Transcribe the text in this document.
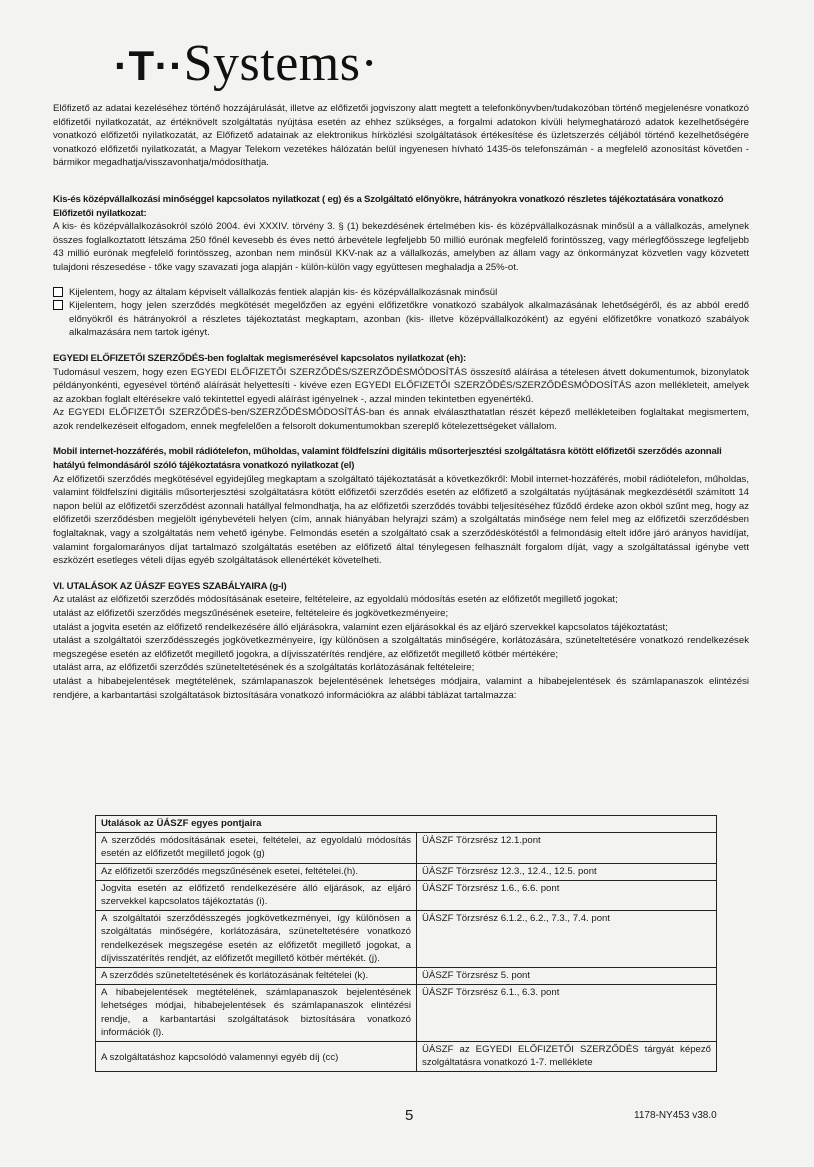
·T··Systems·

Előfizető az adatai kezeléséhez történő hozzájárulását, illetve az előfizetői jogviszony alatt megtett a telefonkönyvben/tudakozóban történő megjelenésre vonatkozó előfizetői nyilatkozatát, az értéknövelt szolgáltatás nyújtása esetén az ehhez szükséges, a forgalmi adatokon kívüli helymeghatározó adatok kezelhetőségére vonatkozó előfizetői nyilatkozatát, az Előfizető adatainak az elektronikus hírközlési szolgáltatások értékesítése és üzletszerzés céljából történő kezelhetőségére vonatkozó előfizetői nyilatkozatát, a Magyar Telekom vezetékes hálózatán belül ingyenesen hívható 1435-ös telefonszámán - a megfelelő azonosítást követően - bármikor megadhatja/visszavonhatja/módosíthatja.

Kis-és középvállalkozási minőséggel kapcsolatos nyilatkozat ( eg) és a Szolgáltató előnyökre, hátrányokra vonatkozó részletes tájékoztatására vonatkozó Előfizetői nyilatkozat:

A kis- és középvállalkozásokról szóló 2004. évi XXXIV. törvény 3. § (1) bekezdésének értelmében kis- és középvállalkozásnak minősül a a vállalkozás, amelynek összes foglalkoztatott létszáma 250 főnél kevesebb és éves nettó árbevétele legfeljebb 50 millió eurónak megfelelő forintösszeg, vagy mérlegfőösszege legfeljebb 43 millió eurónak megfelelő forintösszeg, azonban nem minősül KKV-nak az a vállalkozás, amelyben az állam vagy az önkormányzat közvetlen vagy közvetett tulajdoni részesedése - tőke vagy szavazati joga alapján - külön-külön vagy együttesen meghaladja a 25%-ot.

Kijelentem, hogy az általam képviselt vállalkozás fentiek alapján kis- és középvállalkozásnak minősül

Kijelentem, hogy jelen szerződés megkötését megelőzően az egyéni előfizetőkre vonatkozó szabályok alkalmazásának lehetőségéről, és az abból eredő előnyökről és hátrányokról a részletes tájékoztatást megkaptam, azonban (kis- illetve középvállalkozóként) az egyéni előfizetőkre vonatkozó szabályok alkalmazására nem tartok igényt.

EGYEDI ELŐFIZETŐI SZERZŐDÉS-ben foglaltak megismerésével kapcsolatos nyilatkozat (eh):

Tudomásul veszem, hogy ezen EGYEDI ELŐFIZETŐI SZERZŐDÉS/SZERZŐDÉSMÓDOSÍTÁS összesítő aláírása a tételesen átvett dokumentumok, bizonylatok példányonkénti, egyesével történő aláírását helyettesíti - kivéve ezen EGYEDI ELŐFIZETŐI SZERZŐDÉS/SZERZŐDÉSMÓDOSÍTÁS azon mellékleteit, amelyek az azokban foglalt eltérésekre való tekintettel egyedi aláírást igényelnek -, azzal minden tekintetben egyenértékű.

Az EGYEDI ELŐFIZETŐI SZERZŐDÉS-ben/SZERZŐDÉSMÓDOSÍTÁS-ban és annak elválaszthatatlan részét képező mellékleteiben foglaltakat megismertem, azok rendelkezéseit elfogadom, ennek megfelelően a felsorolt dokumentumokban szereplő kötelezettségeket vállalom.

Mobil internet-hozzáférés, mobil rádiótelefon, műholdas, valamint földfelszíni digitális műsorterjesztési szolgáltatásra kötött előfizetői szerződés azonnali hatályú felmondásáról szóló tájékoztatásra vonatkozó nyilatkozat (el)

Az előfizetői szerződés megkötésével egyidejűleg megkaptam a szolgáltató tájékoztatását a következőkről: Mobil internet-hozzáférés, mobil rádiótelefon, műholdas, valamint földfelszíni digitális műsorterjesztési szolgáltatásra kötött előfizetői szerződés esetén az előfizető a szolgáltatás nyújtásának megkezdésétől számított 14 napon belül az előfizetői szerződést azonnali hatállyal felmondhatja, ha az előfizetői szerződés további teljesítéséhez fűződő érdeke azon okból szűnt meg, hogy az előfizetői szerződésben megjelölt igénybevételi helyen (cím, annak hiányában helyrajzi szám) a szolgáltatás minősége nem felel meg az előfizetői szerződésben foglaltaknak, vagy a szolgáltatás nem vehető igénybe. Felmondás esetén a szolgáltató csak a szerződéskötéstől a felmondásig eltelt időre járó arányos havidíjat, valamint forgalomarányos díjat tartalmazó szolgáltatás esetében az előfizető által ténylegesen felhasznált forgalom díját, vagy a szolgáltatással igénybe vett eszközért esetleges vételi díjas egyéb szolgáltatások ellenértékét követelheti.

VI. UTALÁSOK AZ ÜÁSZF EGYES SZABÁLYAIRA (g-l)

Az utalást az előfizetői szerződés módosításának eseteire, feltételeire, az egyoldalú módosítás esetén az előfizetőt megillető jogokat;

utalást az előfizetői szerződés megszűnésének eseteire, feltételeire és jogkövetkezményeire;

utalást a jogvita esetén az előfizető rendelkezésére álló eljárásokra, valamint ezen eljárásokkal és az eljáró szervekkel kapcsolatos tájékoztatást;

utalást a szolgáltatói szerződésszegés jogkövetkezményeire, így különösen a szolgáltatás minőségére, korlátozására, szüneteltetésére vonatkozó rendelkezések megszegése esetén az előfizetőt megillető jogokra, a díjvisszatérítés rendjére, az előfizetőt megillető kötbér mértékére;

utalást arra, az előfizetői szerződés szüneteltetésének és a szolgáltatás korlátozásának feltételeire;

utalást a hibabejelentések megtételének, számlapanaszok bejelentésének lehetséges módjaira, valamint a hibabejelentések és számlapanaszok elintézési rendjére, a karbantartási szolgáltatások biztosítására vonatkozó információkra az alábbi táblázat tartalmazza:

Utalások az ÜÁSZF egyes pontjaira	
A szerződés módosításának esetei, feltételei, az egyoldalú módosítás esetén az előfizetőt megillető jogok (g)	ÜÁSZF Törzsrész 12.1.pont
Az előfizetői szerződés megszűnésének esetei, feltételei.(h).	ÜÁSZF Törzsrész 12.3., 12.4., 12.5. pont
Jogvita esetén az előfizető rendelkezésére álló eljárások, az eljáró szervekkel kapcsolatos tájékoztatás (i).	ÜÁSZF Törzsrész 1.6., 6.6. pont
A szolgáltatói szerződésszegés jogkövetkezményei, így különösen a szolgáltatás minőségére, korlátozására, szüneteltetésére vonatkozó rendelkezések megszegése esetén az előfizetőt megillető jogokat, a díjvisszatérítés rendjét, az előfizetőt megillető kötbér mértékét. (j).	ÜÁSZF Törzsrész 6.1.2., 6.2., 7.3., 7.4. pont
A szerződés szüneteltetésének és korlátozásának feltételei (k).	ÜÁSZF Törzsrész 5. pont
A hibabejelentések megtételének, számlapanaszok bejelentésének lehetséges módjai, hibabejelentések és számlapanaszok elintézési rendje, a karbantartási szolgáltatások biztosítására vonatkozó információk (l).	ÜÁSZF Törzsrész 6.1., 6.3. pont
A szolgáltatáshoz kapcsolódó valamennyi egyéb díj (cc)	ÜÁSZF az EGYEDI ELŐFIZETŐI SZERZŐDÉS tárgyát képező szolgáltatásra vonatkozó 1-7. melléklete
5	1178-NY453 v38.0
